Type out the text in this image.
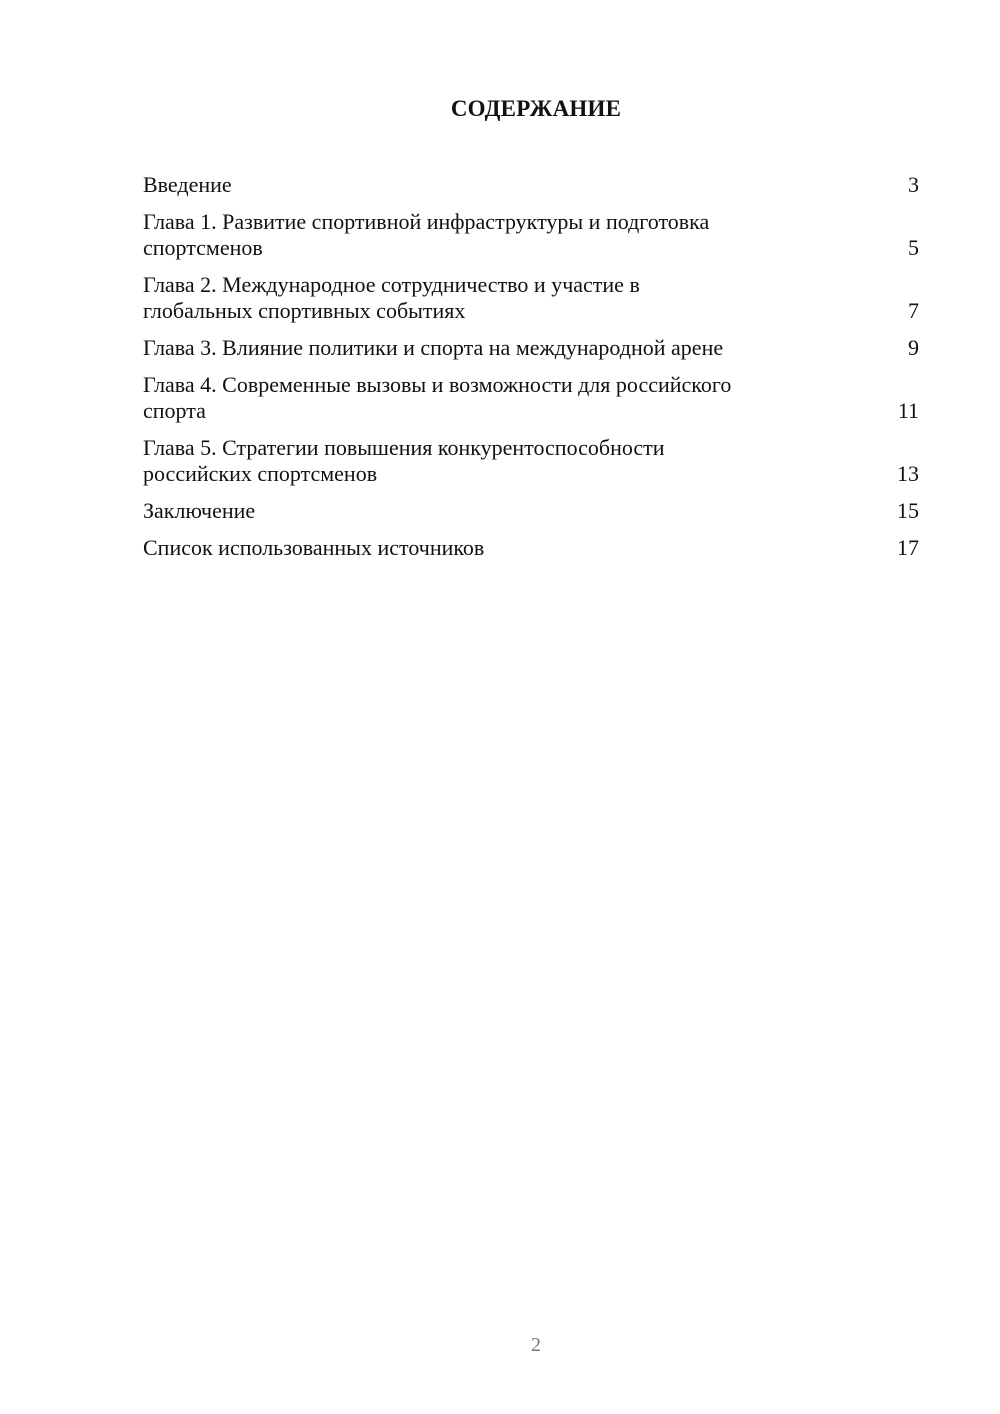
СОДЕРЖАНИЕ
Введение	3
Глава 1. Развитие спортивной инфраструктуры и подготовка
спортсменов	5
Глава 2. Международное сотрудничество и участие в
глобальных спортивных событиях	7
Глава 3. Влияние политики и спорта на международной арене	9
Глава 4. Современные вызовы и возможности для российского
спорта	11
Глава 5. Стратегии повышения конкурентоспособности
российских спортсменов	13
Заключение	15
Список использованных источников	17
2
